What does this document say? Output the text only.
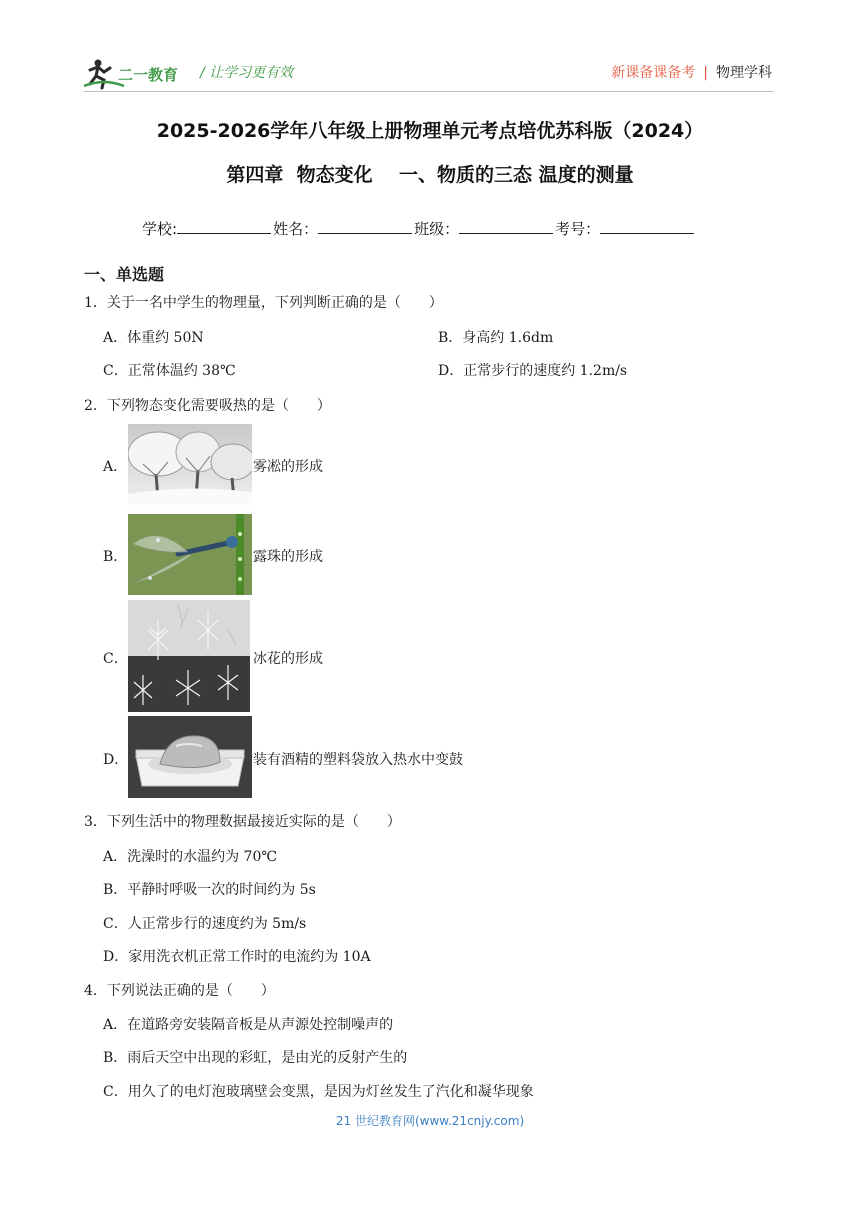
二一教育 / 让学习更有效	新课备课备考 | 物理学科
2025-2026学年八年级上册物理单元考点培优苏科版（2024）
第四章  物态变化    一、物质的三态 温度的测量
学校:	姓名：	班级：	考号：
一、单选题
1．关于一名中学生的物理量，下列判断正确的是（　　）
A．体重约 50N	B．身高约 1.6dm
C．正常体温约 38℃	D．正常步行的速度约 1.2m/s
2．下列物态变化需要吸热的是（　　）
A．	雾凇的形成
B．	露珠的形成
C．	冰花的形成
D．	装有酒精的塑料袋放入热水中变鼓
3．下列生活中的物理数据最接近实际的是（　　）
A．洗澡时的水温约为 70℃
B．平静时呼吸一次的时间约为 5s
C．人正常步行的速度约为 5m/s
D．家用洗衣机正常工作时的电流约为 10A
4．下列说法正确的是（　　）
A．在道路旁安装隔音板是从声源处控制噪声的
B．雨后天空中出现的彩虹，是由光的反射产生的
C．用久了的电灯泡玻璃壁会变黑，是因为灯丝发生了汽化和凝华现象
21 世纪教育网(www.21cnjy.com)
